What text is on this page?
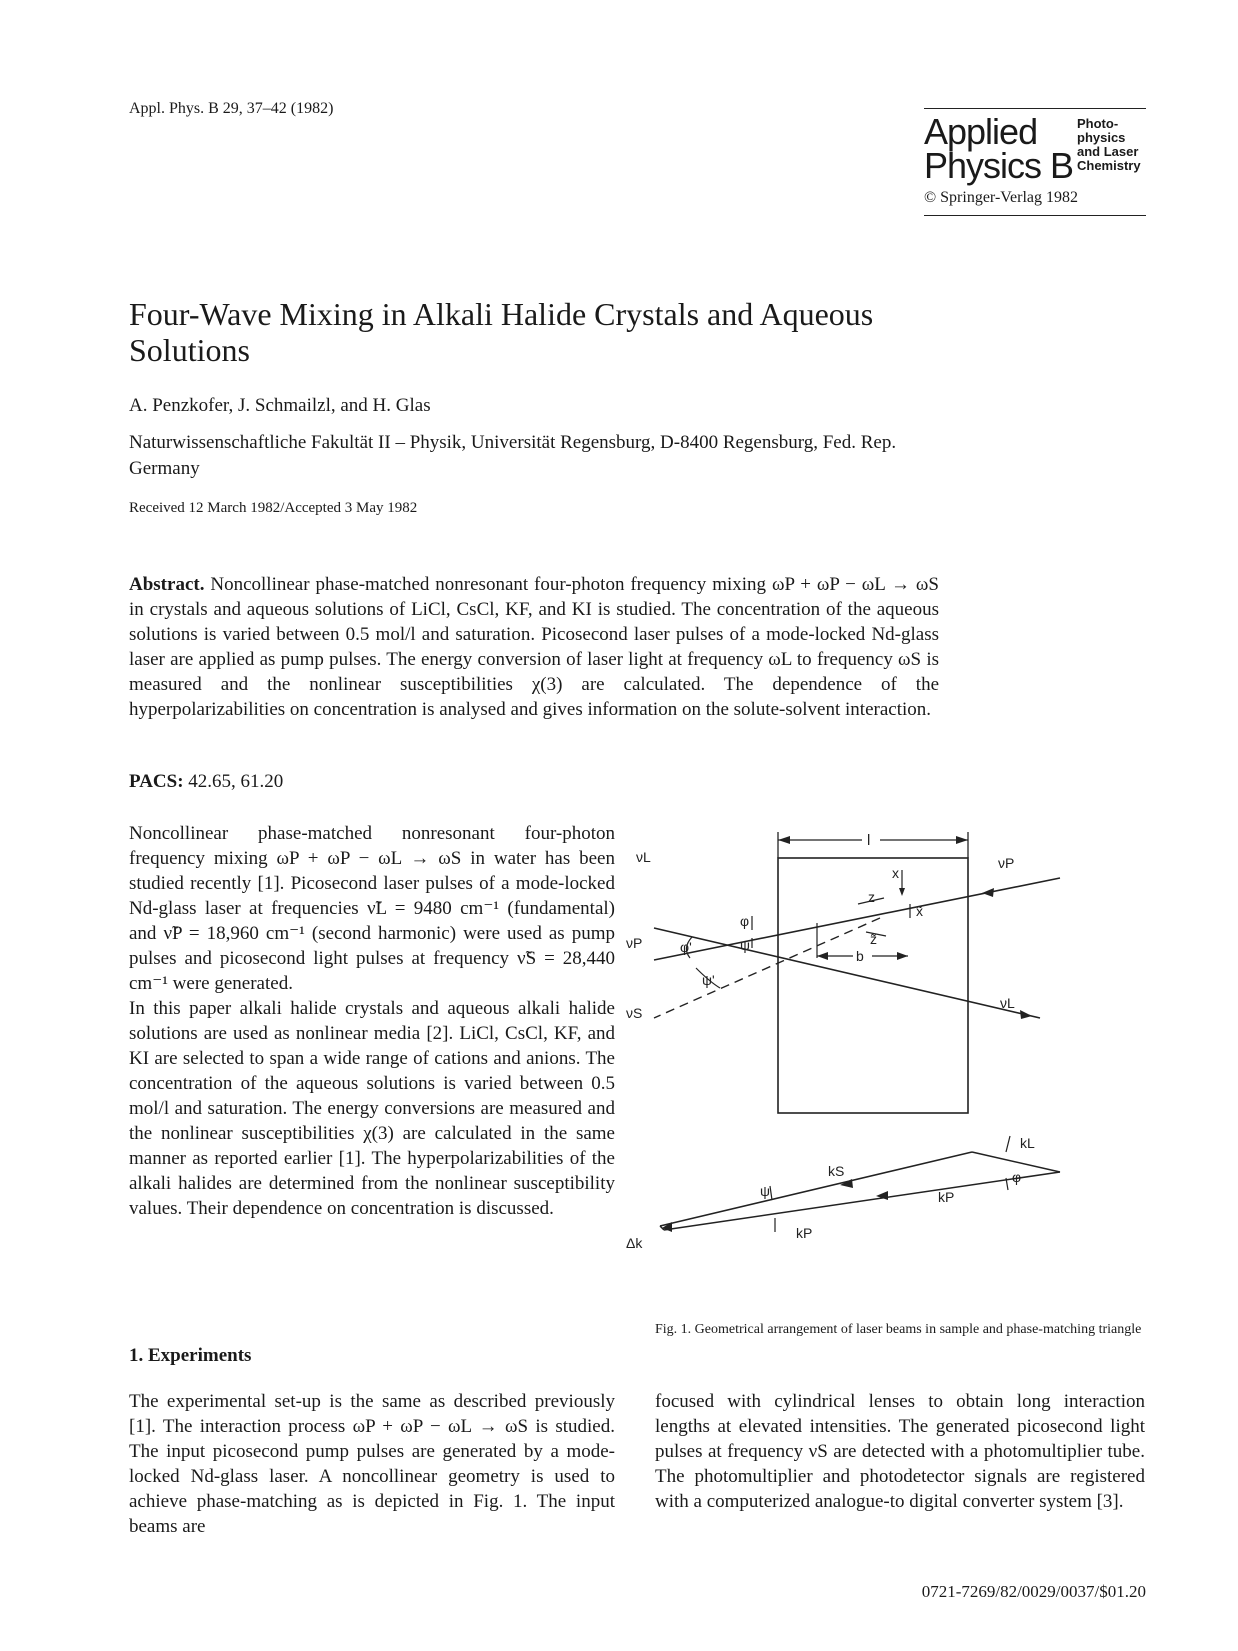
Appl. Phys. B 29, 37–42 (1982)
Applied
Physics B
Photo-physics and Laser Chemistry
© Springer-Verlag 1982
Four-Wave Mixing in Alkali Halide Crystals and Aqueous Solutions
A. Penzkofer, J. Schmailzl, and H. Glas
Naturwissenschaftliche Fakultät II – Physik, Universität Regensburg, D-8400 Regensburg, Fed. Rep. Germany
Received 12 March 1982/Accepted 3 May 1982
Abstract. Noncollinear phase-matched nonresonant four-photon frequency mixing ωP + ωP − ωL → ωS in crystals and aqueous solutions of LiCl, CsCl, KF, and KI is studied. The concentration of the aqueous solutions is varied between 0.5 mol/l and saturation. Picosecond laser pulses of a mode-locked Nd-glass laser are applied as pump pulses. The energy conversion of laser light at frequency ωL to frequency ωS is measured and the nonlinear susceptibilities χ(3) are calculated. The dependence of the hyperpolarizabilities on concentration is analysed and gives information on the solute-solvent interaction.
PACS: 42.65, 61.20

Noncollinear phase-matched nonresonant four-photon frequency mixing ωP + ωP − ωL → ωS in water has been studied recently [1]. Picosecond laser pulses of a mode-locked Nd-glass laser at frequencies ν̃L = 9480 cm⁻¹ (fundamental) and ν̃P = 18,960 cm⁻¹ (second harmonic) were used as pump pulses and picosecond light pulses at frequency ν̃S = 28,440 cm⁻¹ were generated.

In this paper alkali halide crystals and aqueous alkali halide solutions are used as nonlinear media [2]. LiCl, CsCl, KF, and KI are selected to span a wide range of cations and anions. The concentration of the aqueous solutions is varied between 0.5 mol/l and saturation. The energy conversions are measured and the nonlinear susceptibilities χ(3) are calculated in the same manner as reported earlier [1]. The hyperpolarizabilities of the alkali halides are determined from the nonlinear susceptibility values. Their dependence on concentration is discussed.

l
νL	νP
νP
νL
νS
φ'
ψ'
φ
ψ
x
z
x̃
z̃
b
kL
kS
kP
kP
Δk
ψ
φ
Fig. 1. Geometrical arrangement of laser beams in sample and phase-matching triangle
1. Experiments
The experimental set-up is the same as described previously [1]. The interaction process ωP + ωP − ωL → ωS is studied. The input picosecond pump pulses are generated by a mode-locked Nd-glass laser. A noncollinear geometry is used to achieve phase-matching as is depicted in Fig. 1. The input beams are
focused with cylindrical lenses to obtain long interaction lengths at elevated intensities. The generated picosecond light pulses at frequency νS are detected with a photomultiplier tube. The photomultiplier and photodetector signals are registered with a computerized analogue-to digital converter system [3].
0721-7269/82/0029/0037/$01.20
